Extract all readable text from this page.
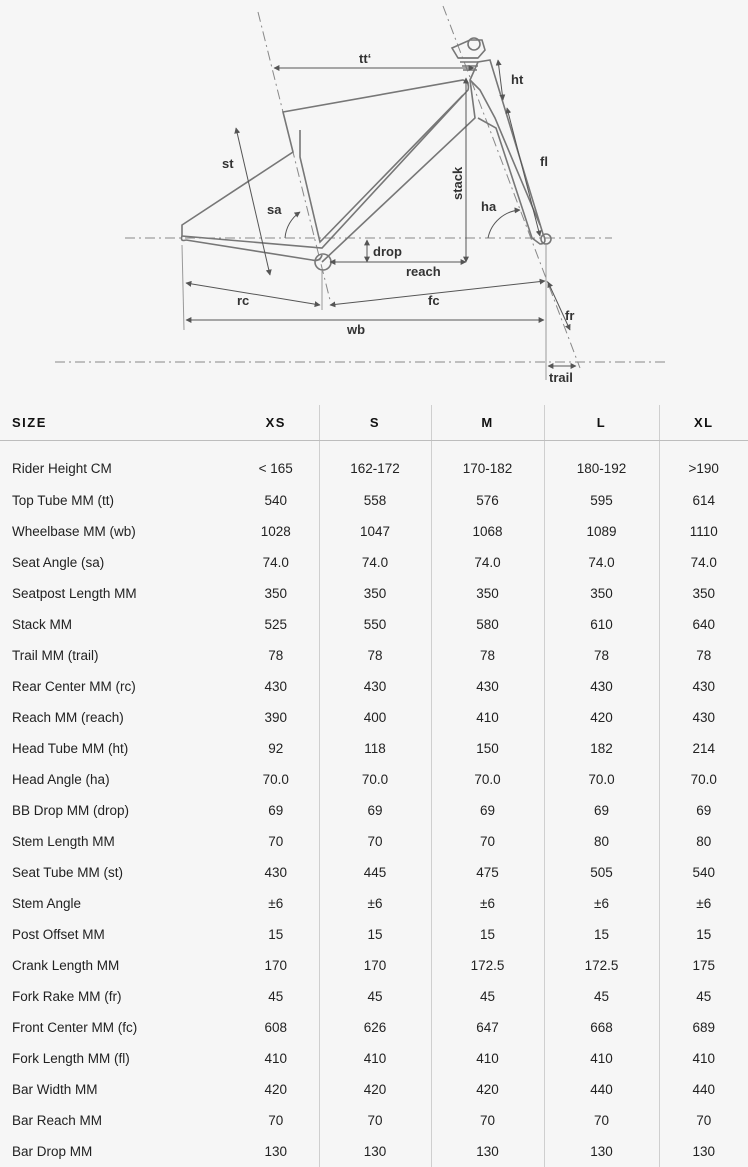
tt‘
ht
st	fl
sa
stack
ha
drop
reach
rc	fc
fr
wb
trail
SIZE	XS	S	M	L	XL
Rider Height CM	< 165	162-172	170-182	180-192	>190
Top Tube MM (tt)	540	558	576	595	614
Wheelbase MM (wb)	1028	1047	1068	1089	1110
Seat Angle (sa)	74.0	74.0	74.0	74.0	74.0
Seatpost Length MM	350	350	350	350	350
Stack MM	525	550	580	610	640
Trail MM (trail)	78	78	78	78	78
Rear Center MM (rc)	430	430	430	430	430
Reach MM (reach)	390	400	410	420	430
Head Tube MM (ht)	92	118	150	182	214
Head Angle (ha)	70.0	70.0	70.0	70.0	70.0
BB Drop MM (drop)	69	69	69	69	69
Stem Length MM	70	70	70	80	80
Seat Tube MM (st)	430	445	475	505	540
Stem Angle	±6	±6	±6	±6	±6
Post Offset MM	15	15	15	15	15
Crank Length MM	170	170	172.5	172.5	175
Fork Rake MM (fr)	45	45	45	45	45
Front Center MM (fc)	608	626	647	668	689
Fork Length MM (fl)	410	410	410	410	410
Bar Width MM	420	420	420	440	440
Bar Reach MM	70	70	70	70	70
Bar Drop MM	130	130	130	130	130
